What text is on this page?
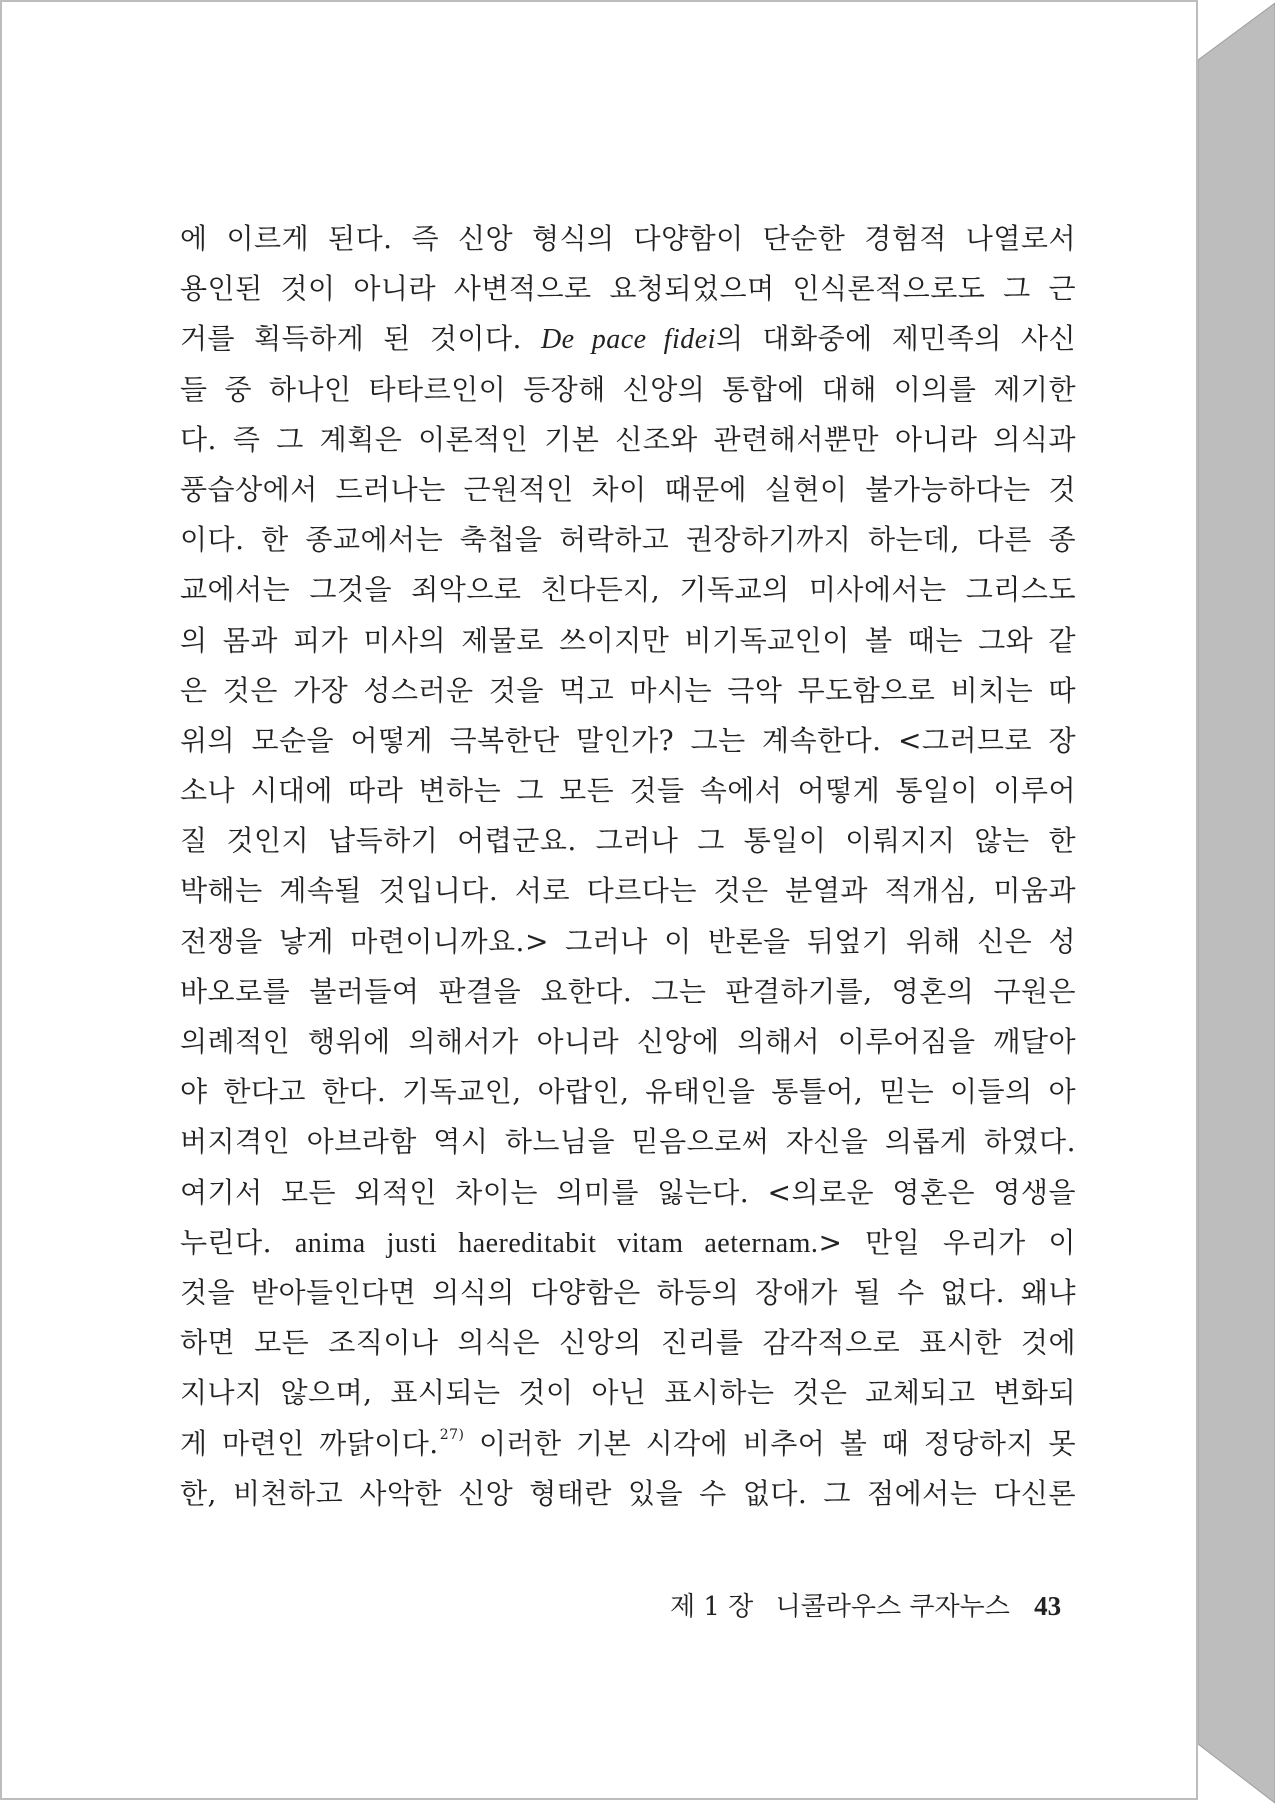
에 이르게 된다. 즉 신앙 형식의 다양함이 단순한 경험적 나열로서
용인된 것이 아니라 사변적으로 요청되었으며 인식론적으로도 그 근
거를 획득하게 된 것이다. De pace fidei의 대화중에 제민족의 사신
들 중 하나인 타타르인이 등장해 신앙의 통합에 대해 이의를 제기한
다. 즉 그 계획은 이론적인 기본 신조와 관련해서뿐만 아니라 의식과
풍습상에서 드러나는 근원적인 차이 때문에 실현이 불가능하다는 것
이다. 한 종교에서는 축첩을 허락하고 권장하기까지 하는데, 다른 종
교에서는 그것을 죄악으로 친다든지, 기독교의 미사에서는 그리스도
의 몸과 피가 미사의 제물로 쓰이지만 비기독교인이 볼 때는 그와 같
은 것은 가장 성스러운 것을 먹고 마시는 극악 무도함으로 비치는 따
위의 모순을 어떻게 극복한단 말인가? 그는 계속한다. <그러므로 장
소나 시대에 따라 변하는 그 모든 것들 속에서 어떻게 통일이 이루어
질 것인지 납득하기 어렵군요. 그러나 그 통일이 이뤄지지 않는 한
박해는 계속될 것입니다. 서로 다르다는 것은 분열과 적개심, 미움과
전쟁을 낳게 마련이니까요.> 그러나 이 반론을 뒤엎기 위해 신은 성
바오로를 불러들여 판결을 요한다. 그는 판결하기를, 영혼의 구원은
의례적인 행위에 의해서가 아니라 신앙에 의해서 이루어짐을 깨달아
야 한다고 한다. 기독교인, 아랍인, 유태인을 통틀어, 믿는 이들의 아
버지격인 아브라함 역시 하느님을 믿음으로써 자신을 의롭게 하였다.
여기서 모든 외적인 차이는 의미를 잃는다. <의로운 영혼은 영생을
누린다. anima justi haereditabit vitam aeternam.> 만일 우리가 이
것을 받아들인다면 의식의 다양함은 하등의 장애가 될 수 없다. 왜냐
하면 모든 조직이나 의식은 신앙의 진리를 감각적으로 표시한 것에
지나지 않으며, 표시되는 것이 아닌 표시하는 것은 교체되고 변화되
게 마련인 까닭이다.$^{27)}$ 이러한 기본 시각에 비추어 볼 때 정당하지 못
한, 비천하고 사악한 신앙 형태란 있을 수 없다. 그 점에서는 다신론
제 1 장 니콜라우스 쿠자누스 43
